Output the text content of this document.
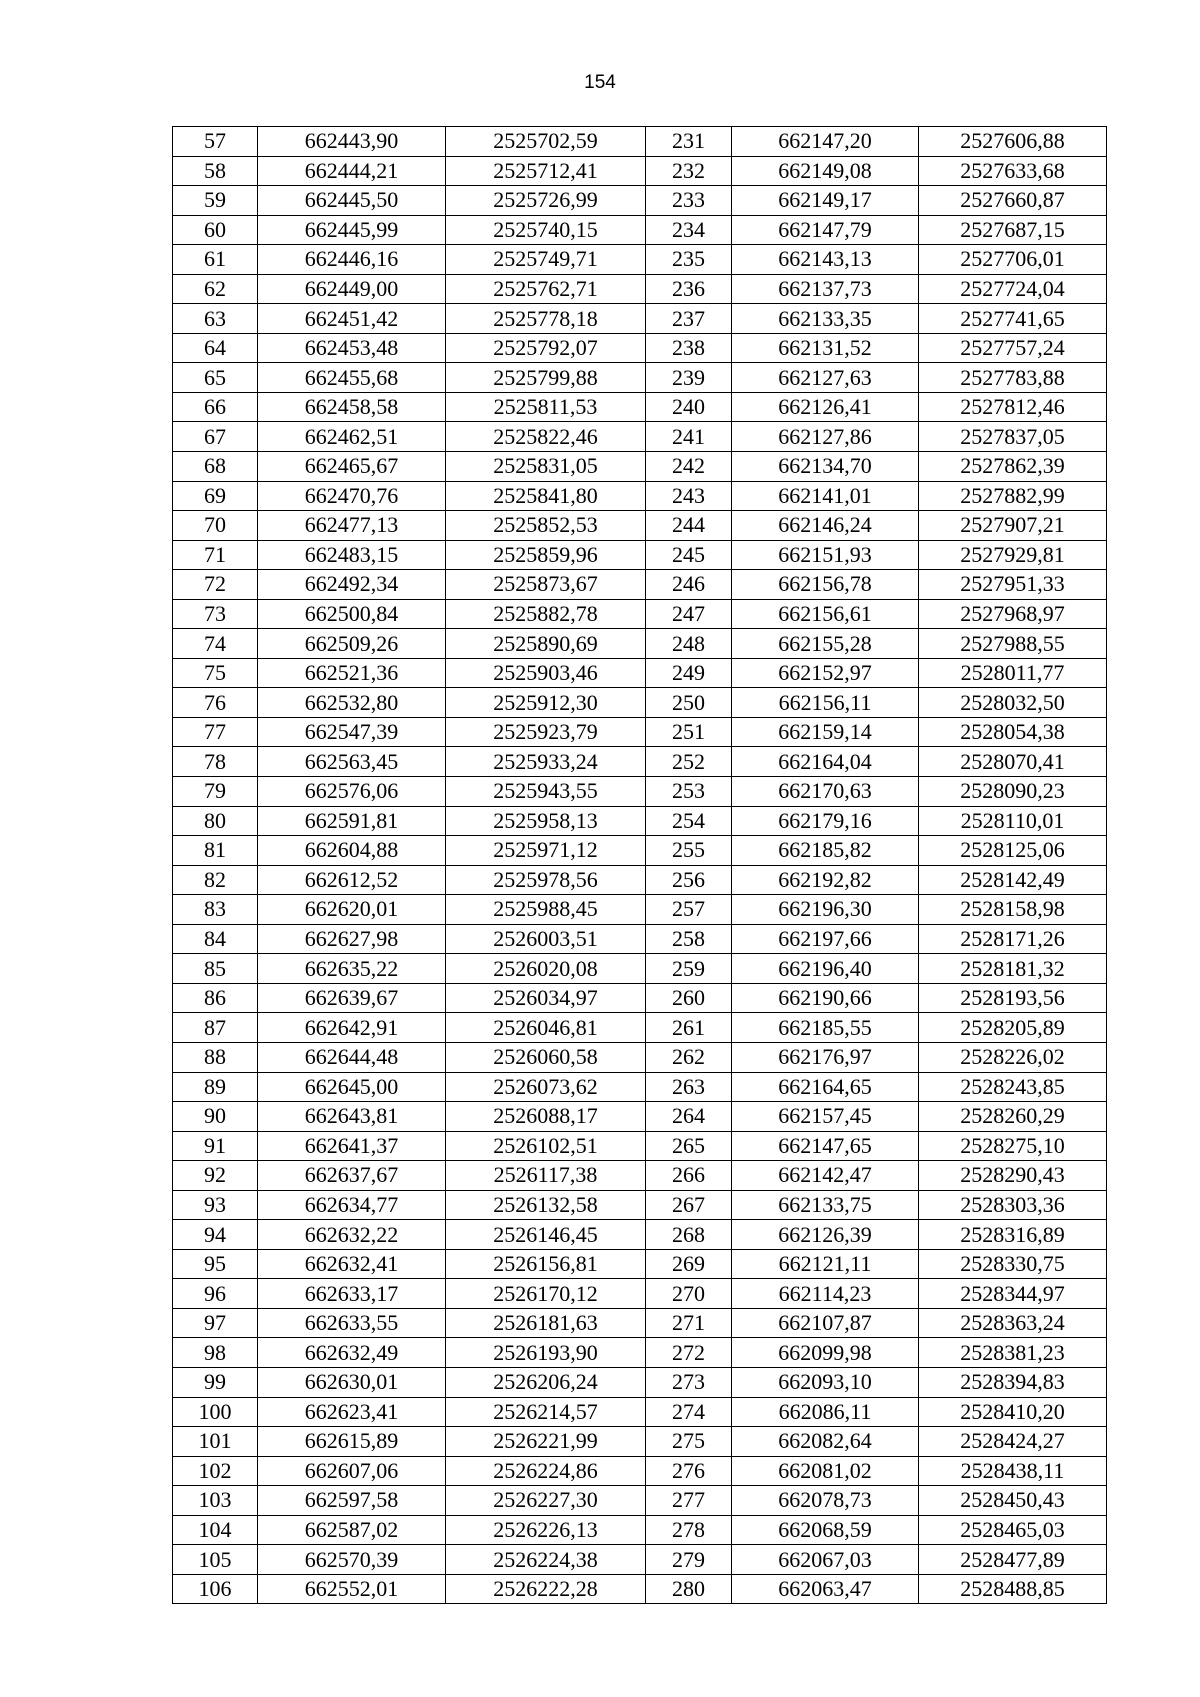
154
57	662443,90	2525702,59	231	662147,20	2527606,88
58	662444,21	2525712,41	232	662149,08	2527633,68
59	662445,50	2525726,99	233	662149,17	2527660,87
60	662445,99	2525740,15	234	662147,79	2527687,15
61	662446,16	2525749,71	235	662143,13	2527706,01
62	662449,00	2525762,71	236	662137,73	2527724,04
63	662451,42	2525778,18	237	662133,35	2527741,65
64	662453,48	2525792,07	238	662131,52	2527757,24
65	662455,68	2525799,88	239	662127,63	2527783,88
66	662458,58	2525811,53	240	662126,41	2527812,46
67	662462,51	2525822,46	241	662127,86	2527837,05
68	662465,67	2525831,05	242	662134,70	2527862,39
69	662470,76	2525841,80	243	662141,01	2527882,99
70	662477,13	2525852,53	244	662146,24	2527907,21
71	662483,15	2525859,96	245	662151,93	2527929,81
72	662492,34	2525873,67	246	662156,78	2527951,33
73	662500,84	2525882,78	247	662156,61	2527968,97
74	662509,26	2525890,69	248	662155,28	2527988,55
75	662521,36	2525903,46	249	662152,97	2528011,77
76	662532,80	2525912,30	250	662156,11	2528032,50
77	662547,39	2525923,79	251	662159,14	2528054,38
78	662563,45	2525933,24	252	662164,04	2528070,41
79	662576,06	2525943,55	253	662170,63	2528090,23
80	662591,81	2525958,13	254	662179,16	2528110,01
81	662604,88	2525971,12	255	662185,82	2528125,06
82	662612,52	2525978,56	256	662192,82	2528142,49
83	662620,01	2525988,45	257	662196,30	2528158,98
84	662627,98	2526003,51	258	662197,66	2528171,26
85	662635,22	2526020,08	259	662196,40	2528181,32
86	662639,67	2526034,97	260	662190,66	2528193,56
87	662642,91	2526046,81	261	662185,55	2528205,89
88	662644,48	2526060,58	262	662176,97	2528226,02
89	662645,00	2526073,62	263	662164,65	2528243,85
90	662643,81	2526088,17	264	662157,45	2528260,29
91	662641,37	2526102,51	265	662147,65	2528275,10
92	662637,67	2526117,38	266	662142,47	2528290,43
93	662634,77	2526132,58	267	662133,75	2528303,36
94	662632,22	2526146,45	268	662126,39	2528316,89
95	662632,41	2526156,81	269	662121,11	2528330,75
96	662633,17	2526170,12	270	662114,23	2528344,97
97	662633,55	2526181,63	271	662107,87	2528363,24
98	662632,49	2526193,90	272	662099,98	2528381,23
99	662630,01	2526206,24	273	662093,10	2528394,83
100	662623,41	2526214,57	274	662086,11	2528410,20
101	662615,89	2526221,99	275	662082,64	2528424,27
102	662607,06	2526224,86	276	662081,02	2528438,11
103	662597,58	2526227,30	277	662078,73	2528450,43
104	662587,02	2526226,13	278	662068,59	2528465,03
105	662570,39	2526224,38	279	662067,03	2528477,89
106	662552,01	2526222,28	280	662063,47	2528488,85
